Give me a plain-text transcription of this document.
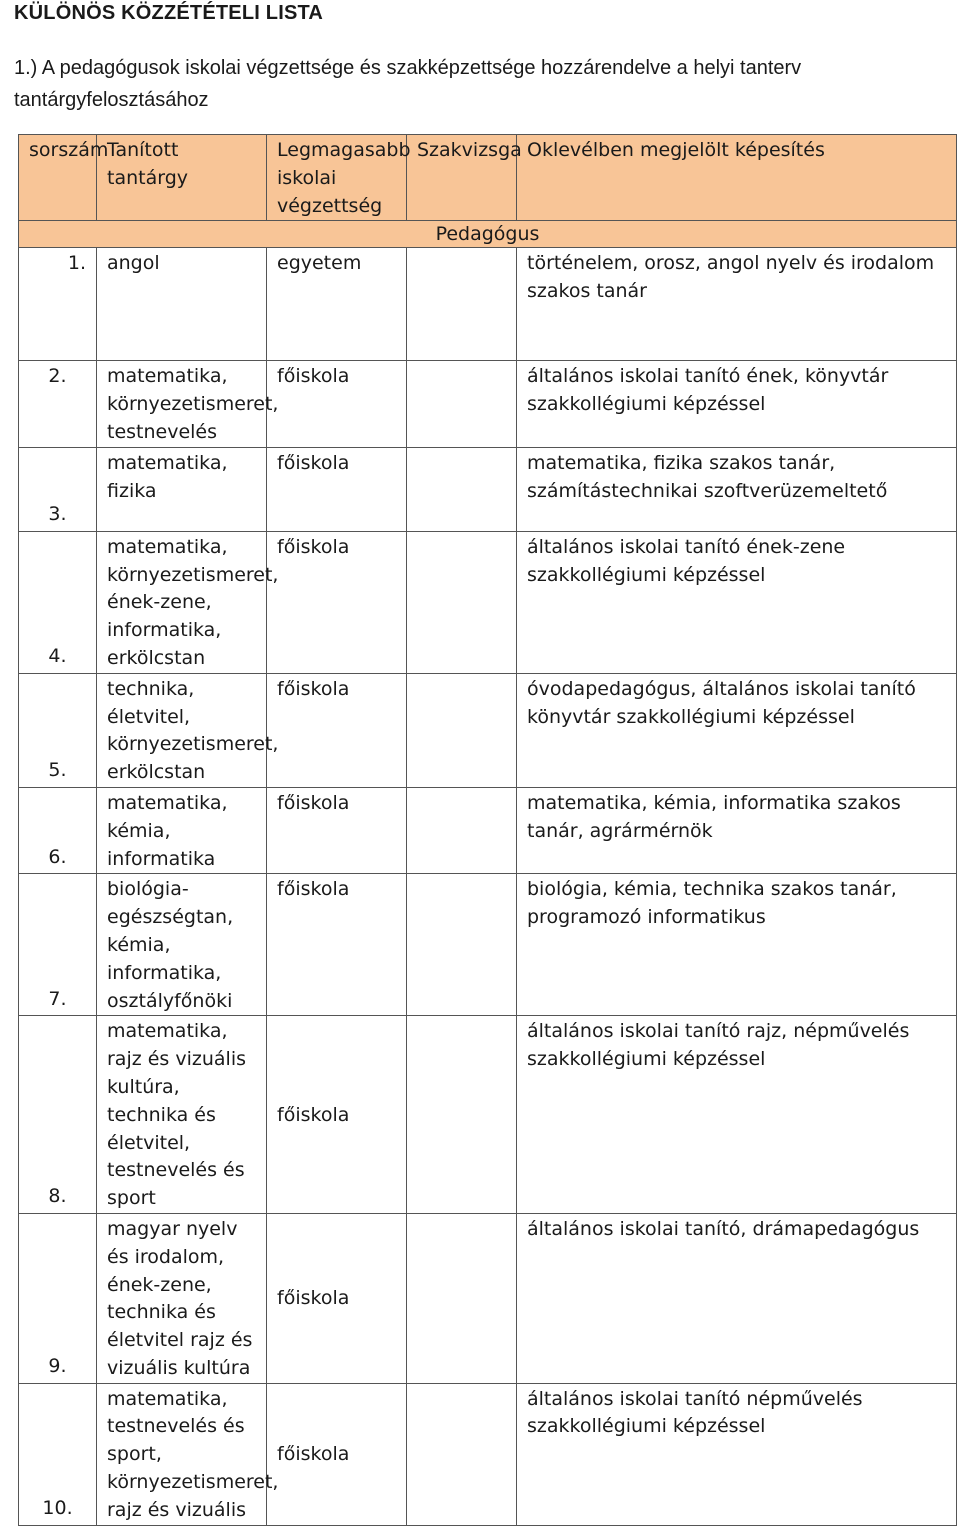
KÜLÖNÖS KÖZZÉTÉTELI LISTA
1.) A pedagógusok iskolai végzettsége és szakképzettsége hozzárendelve a helyi tanterv tantárgyfelosztásához
sorszám	Tanított tantárgy	Legmagasabb iskolai végzettség	Szakvizsga	Oklevélben megjelölt képesítés
Pedagógus				
1.	angol	egyetem		történelem, orosz, angol nyelv és irodalom szakos tanár
2.	matematika, környezetismeret, testnevelés	főiskola		általános iskolai tanító ének, könyvtár szakkollégiumi képzéssel
3.	matematika, fizika	főiskola		matematika, fizika szakos tanár, számítástechnikai szoftverüzemeltető
4.	matematika, környezetismeret, ének-zene, informatika, erkölcstan	főiskola		általános iskolai tanító ének-zene szakkollégiumi képzéssel
5.	technika, életvitel, környezetismeret, erkölcstan	főiskola		óvodapedagógus, általános iskolai tanító könyvtár szakkollégiumi képzéssel
6.	matematika, kémia, informatika	főiskola		matematika, kémia, informatika szakos tanár, agrármérnök
7.	biológia-egészségtan, kémia, informatika, osztályfőnöki	főiskola		biológia, kémia, technika szakos tanár, programozó informatikus
8.	matematika, rajz és vizuális kultúra, technika és életvitel, testnevelés és sport	főiskola		általános iskolai tanító rajz, népművelés szakkollégiumi képzéssel
9.	magyar nyelv és irodalom, ének-zene, technika és életvitel rajz és vizuális kultúra	főiskola		általános iskolai tanító, drámapedagógus
10.	matematika, testnevelés és sport, környezetismeret, rajz és vizuális	főiskola		általános iskolai tanító népművelés szakkollégiumi képzéssel
